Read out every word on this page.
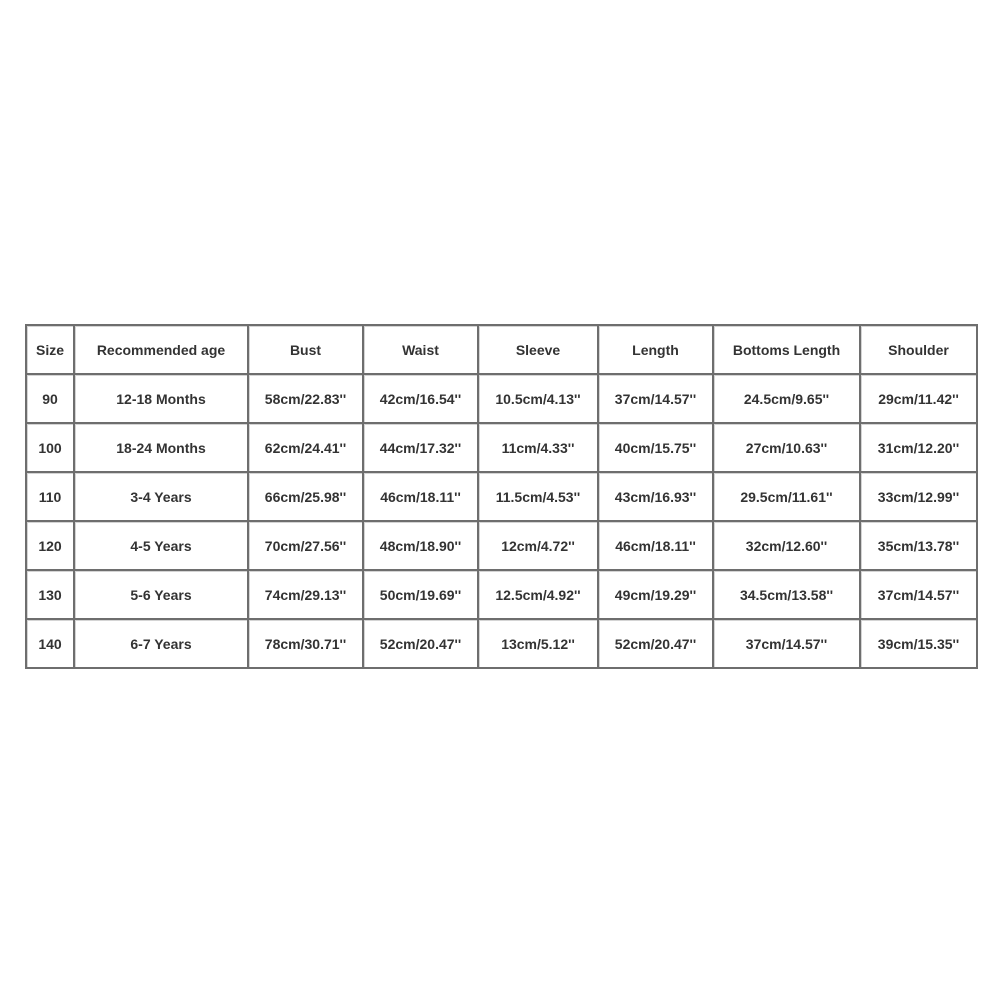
Size	Recommended age	Bust	Waist	Sleeve	Length	Bottoms Length	Shoulder
90	12-18 Months	58cm/22.83''	42cm/16.54''	10.5cm/4.13''	37cm/14.57''	24.5cm/9.65''	29cm/11.42''
100	18-24 Months	62cm/24.41''	44cm/17.32''	11cm/4.33''	40cm/15.75''	27cm/10.63''	31cm/12.20''
110	3-4 Years	66cm/25.98''	46cm/18.11''	11.5cm/4.53''	43cm/16.93''	29.5cm/11.61''	33cm/12.99''
120	4-5 Years	70cm/27.56''	48cm/18.90''	12cm/4.72''	46cm/18.11''	32cm/12.60''	35cm/13.78''
130	5-6 Years	74cm/29.13''	50cm/19.69''	12.5cm/4.92''	49cm/19.29''	34.5cm/13.58''	37cm/14.57''
140	6-7 Years	78cm/30.71''	52cm/20.47''	13cm/5.12''	52cm/20.47''	37cm/14.57''	39cm/15.35''
